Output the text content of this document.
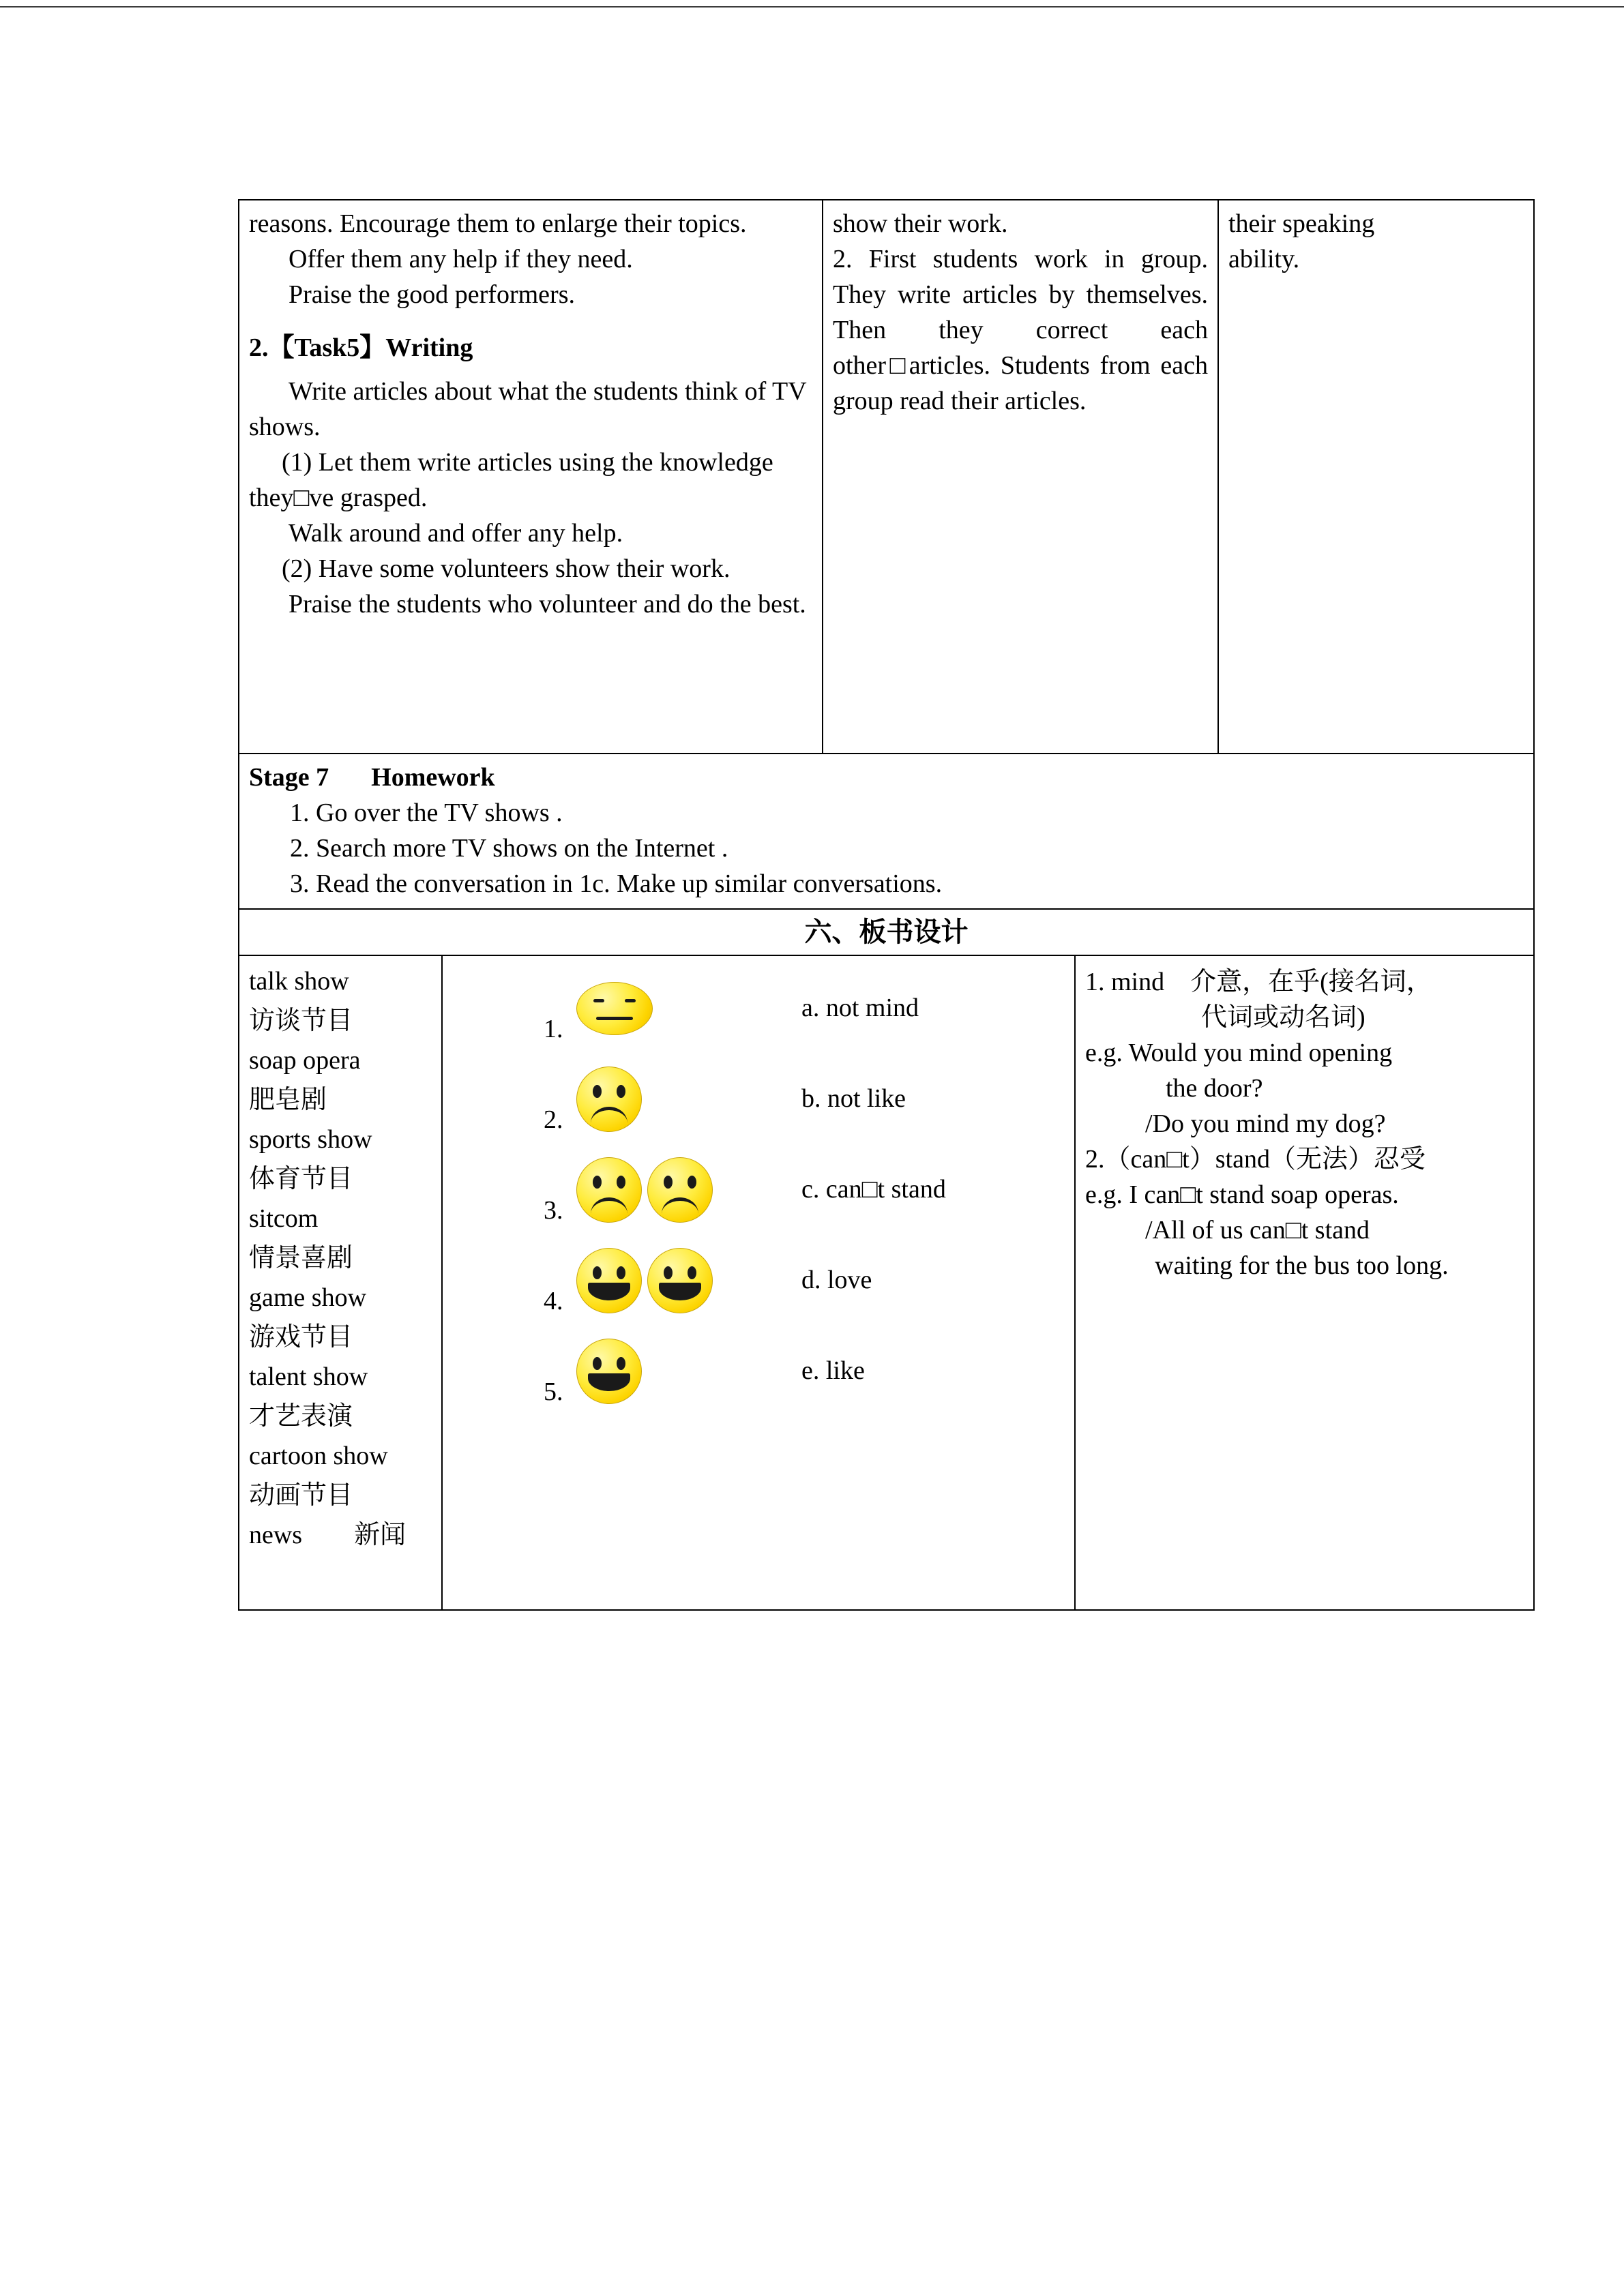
reasons. Encourage them to enlarge their topics.

Offer them any help if they need.

Praise the good performers.

2.【Task5】Writing

Write articles about what the students think of TV shows.

(1) Let them write articles using the knowledge they□ve grasped.

Walk around and offer any help.

(2) Have some volunteers show their work.

Praise the students who volunteer and do the best.

show their work.

2. First students work in group. They write articles by themselves. Then they correct each other□articles. Students from each group read their articles.

their speaking ability.

Stage 7 Homework

1. Go over the TV shows .

2. Search more TV shows on the Internet .

3. Read the conversation in 1c. Make up similar conversations.

六、板书设计

talk show
访谈节目
soap opera
肥皂剧
sports show
体育节目
sitcom
情景喜剧
game show
游戏节目
talent show
才艺表演
cartoon show
动画节目
news　　新闻
1.
a. not mind
2.
b. not like
3.
c. can□t stand
4.
d. love
5.
e. like
1. mind　介意，在乎(接名词，
代词或动名词)
e.g. Would you mind opening
the door?
/Do you mind my dog?
2.（can□t）stand（无法）忍受
e.g. I can□t stand soap operas.
/All of us can□t stand
waiting for the bus too long.
